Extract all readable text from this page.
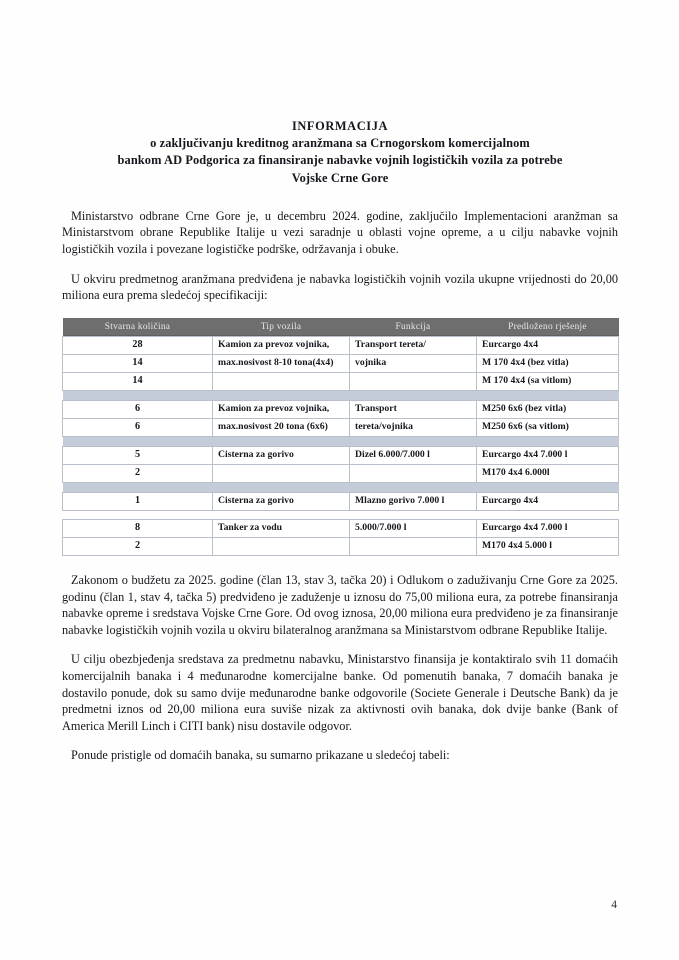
INFORMACIJA
o zaključivanju kreditnog aranžmana sa Crnogorskom komercijalnom
bankom AD Podgorica za finansiranje nabavke vojnih logističkih vozila za potrebe
Vojske Crne Gore

Ministarstvo odbrane Crne Gore je, u decembru 2024. godine, zaključilo Implementacioni aranžman sa Ministarstvom obrane Republike Italije u vezi saradnje u oblasti vojne opreme, a u cilju nabavke vojnih logističkih vozila i povezane logističke podrške, održavanja i obuke.

U okviru predmetnog aranžmana predviđena je nabavka logističkih vojnih vozila ukupne vrijednosti do 20,00 miliona eura prema sledećoj specifikaciji:

Stvarna količina	Tip vozila	Funkcija	Predloženo rješenje
28	Kamion za prevoz vojnika,	Transport tereta/	Eurcargo 4x4
14	max.nosivost 8-10 tona(4x4)	vojnika	M 170 4x4 (bez vitla)
14			M 170 4x4 (sa vitlom)

6	Kamion za prevoz vojnika,	Transport	M250 6x6 (bez vitla)
6	max.nosivost 20 tona (6x6)	tereta/vojnika	M250 6x6 (sa vitlom)

5	Cisterna za gorivo	Dizel 6.000/7.000 l	Eurcargo 4x4 7.000 l
2			M170 4x4 6.000l

1	Cisterna za gorivo	Mlazno gorivo 7.000 l	Eurcargo 4x4

8	Tanker za vodu	5.000/7.000 l	Eurcargo 4x4 7.000 l
2			M170 4x4 5.000 l

Zakonom o budžetu za 2025. godine (član 13, stav 3, tačka 20) i Odlukom o zaduživanju Crne Gore za 2025. godinu (član 1, stav 4, tačka 5) predviđeno je zaduženje u iznosu do 75,00 miliona eura, za potrebe finansiranja nabavke opreme i sredstava Vojske Crne Gore. Od ovog iznosa, 20,00 miliona eura predviđeno je za finansiranje nabavke logističkih vojnih vozila u okviru bilateralnog aranžmana sa Ministarstvom odbrane Republike Italije.

U cilju obezbjeđenja sredstava za predmetnu nabavku, Ministarstvo finansija je kontaktiralo svih 11 domaćih komercijalnih banaka i 4 međunarodne komercijalne banke. Od pomenutih banaka, 7 domaćih banaka je dostavilo ponude, dok su samo dvije međunarodne banke odgovorile (Societe Generale i Deutsche Bank) da je predmetni iznos od 20,00 miliona eura suviše nizak za aktivnosti ovih banaka, dok dvije banke (Bank of America Merill Linch i CITI bank) nisu dostavile odgovor.

Ponude pristigle od domaćih banaka, su sumarno prikazane u sledećoj tabeli:

4
